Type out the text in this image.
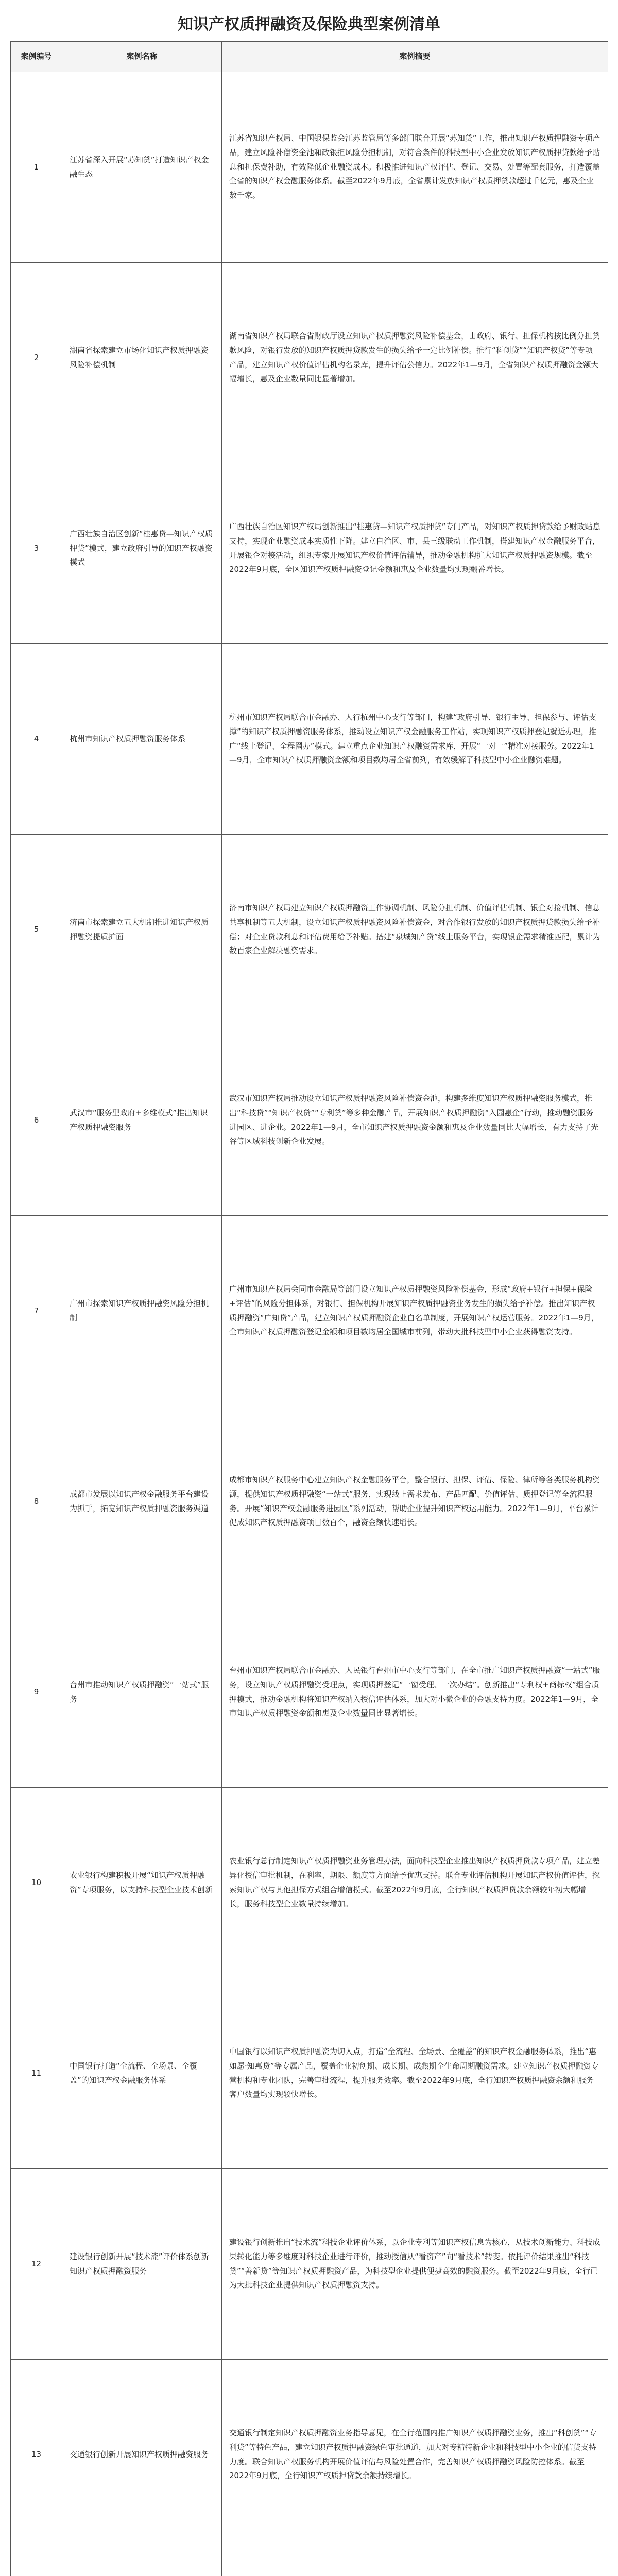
知识产权质押融资及保险典型案例清单
案例编号	案例名称	案例摘要
1	江苏省深入开展“苏知贷”打造知识产权金融生态	江苏省知识产权局、中国银保监会江苏监管局等多部门联合开展“苏知贷”工作，推出知识产权质押融资专项产品，建立风险补偿资金池和政银担风险分担机制，对符合条件的科技型中小企业发放知识产权质押贷款给予贴息和担保费补助，有效降低企业融资成本。积极推进知识产权评估、登记、交易、处置等配套服务，打造覆盖全省的知识产权金融服务体系。截至2022年9月底，全省累计发放知识产权质押贷款超过千亿元，惠及企业数千家。
2	湖南省探索建立市场化知识产权质押融资风险补偿机制	湖南省知识产权局联合省财政厅设立知识产权质押融资风险补偿基金，由政府、银行、担保机构按比例分担贷款风险，对银行发放的知识产权质押贷款发生的损失给予一定比例补偿。推行“科创贷”“知识产权贷”等专项产品，建立知识产权价值评估机构名录库，提升评估公信力。2022年1—9月，全省知识产权质押融资金额大幅增长，惠及企业数量同比显著增加。
3	广西壮族自治区创新“桂惠贷—知识产权质押贷”模式，建立政府引导的知识产权融资模式	广西壮族自治区知识产权局创新推出“桂惠贷—知识产权质押贷”专门产品，对知识产权质押贷款给予财政贴息支持，实现企业融资成本实质性下降。建立自治区、市、县三级联动工作机制，搭建知识产权金融服务平台，开展银企对接活动，组织专家开展知识产权价值评估辅导，推动金融机构扩大知识产权质押融资规模。截至2022年9月底，全区知识产权质押融资登记金额和惠及企业数量均实现翻番增长。
4	杭州市知识产权质押融资服务体系	杭州市知识产权局联合市金融办、人行杭州中心支行等部门，构建“政府引导、银行主导、担保参与、评估支撑”的知识产权质押融资服务体系，推动设立知识产权金融服务工作站，实现知识产权质押登记就近办理，推广“线上登记、全程网办”模式。建立重点企业知识产权融资需求库，开展“一对一”精准对接服务。2022年1—9月，全市知识产权质押融资金额和项目数均居全省前列，有效缓解了科技型中小企业融资难题。
5	济南市探索建立五大机制推进知识产权质押融资提质扩面	济南市知识产权局建立知识产权质押融资工作协调机制、风险分担机制、价值评估机制、银企对接机制、信息共享机制等五大机制，设立知识产权质押融资风险补偿资金，对合作银行发放的知识产权质押贷款损失给予补偿；对企业贷款利息和评估费用给予补贴。搭建“泉城知产贷”线上服务平台，实现银企需求精准匹配，累计为数百家企业解决融资需求。
6	武汉市“服务型政府+多维模式”推出知识产权质押融资服务	武汉市知识产权局推动设立知识产权质押融资风险补偿资金池，构建多维度知识产权质押融资服务模式，推出“科技贷”“知识产权贷”“专利贷”等多种金融产品，开展知识产权质押融资“入园惠企”行动，推动融资服务进园区、进企业。2022年1—9月，全市知识产权质押融资金额和惠及企业数量同比大幅增长，有力支持了光谷等区域科技创新企业发展。
7	广州市探索知识产权质押融资风险分担机制	广州市知识产权局会同市金融局等部门设立知识产权质押融资风险补偿基金，形成“政府+银行+担保+保险+评估”的风险分担体系，对银行、担保机构开展知识产权质押融资业务发生的损失给予补偿。推出知识产权质押融资“广知贷”产品，建立知识产权质押融资企业白名单制度，开展知识产权运营服务。2022年1—9月，全市知识产权质押融资登记金额和项目数均居全国城市前列，带动大批科技型中小企业获得融资支持。
8	成都市发展以知识产权金融服务平台建设为抓手，拓宽知识产权质押融资服务渠道	成都市知识产权服务中心建立知识产权金融服务平台，整合银行、担保、评估、保险、律所等各类服务机构资源，提供知识产权质押融资“一站式”服务，实现线上需求发布、产品匹配、价值评估、质押登记等全流程服务。开展“知识产权金融服务进园区”系列活动，帮助企业提升知识产权运用能力。2022年1—9月，平台累计促成知识产权质押融资项目数百个，融资金额快速增长。
9	台州市推动知识产权质押融资“一站式”服务	台州市知识产权局联合市金融办、人民银行台州市中心支行等部门，在全市推广知识产权质押融资“一站式”服务，设立知识产权质押融资受理点，实现质押登记“一窗受理、一次办结”。创新推出“专利权+商标权”组合质押模式，推动金融机构将知识产权纳入授信评估体系，加大对小微企业的金融支持力度。2022年1—9月，全市知识产权质押融资金额和惠及企业数量同比显著增长。
10	农业银行构建积极开展“知识产权质押融资”专项服务，以支持科技型企业技术创新	农业银行总行制定知识产权质押融资业务管理办法，面向科技型企业推出知识产权质押贷款专项产品，建立差异化授信审批机制，在利率、期限、额度等方面给予优惠支持。联合专业评估机构开展知识产权价值评估，探索知识产权与其他担保方式组合增信模式。截至2022年9月底，全行知识产权质押贷款余额较年初大幅增长，服务科技型企业数量持续增加。
11	中国银行打造“全流程、全场景、全覆盖”的知识产权金融服务体系	中国银行以知识产权质押融资为切入点，打造“全流程、全场景、全覆盖”的知识产权金融服务体系，推出“惠如愿·知惠贷”等专属产品，覆盖企业初创期、成长期、成熟期全生命周期融资需求。建立知识产权质押融资专营机构和专业团队，完善审批流程，提升服务效率。截至2022年9月底，全行知识产权质押融资余额和服务客户数量均实现较快增长。
12	建设银行创新开展“技术流”评价体系创新知识产权质押融资服务	建设银行创新推出“技术流”科技企业评价体系，以企业专利等知识产权信息为核心，从技术创新能力、科技成果转化能力等多维度对科技企业进行评价，推动授信从“看资产”向“看技术”转变。依托评价结果推出“科技贷”“善新贷”等知识产权质押融资产品，为科技型企业提供便捷高效的融资服务。截至2022年9月底，全行已为大批科技企业提供知识产权质押融资支持。
13	交通银行创新开展知识产权质押融资服务	交通银行制定知识产权质押融资业务指导意见，在全行范围内推广知识产权质押融资业务，推出“科创贷”“专利贷”等特色产品，建立知识产权质押融资绿色审批通道，加大对专精特新企业和科技型中小企业的信贷支持力度。联合知识产权服务机构开展价值评估与风险处置合作，完善知识产权质押融资风险防控体系。截至2022年9月底，全行知识产权质押贷款余额持续增长。
